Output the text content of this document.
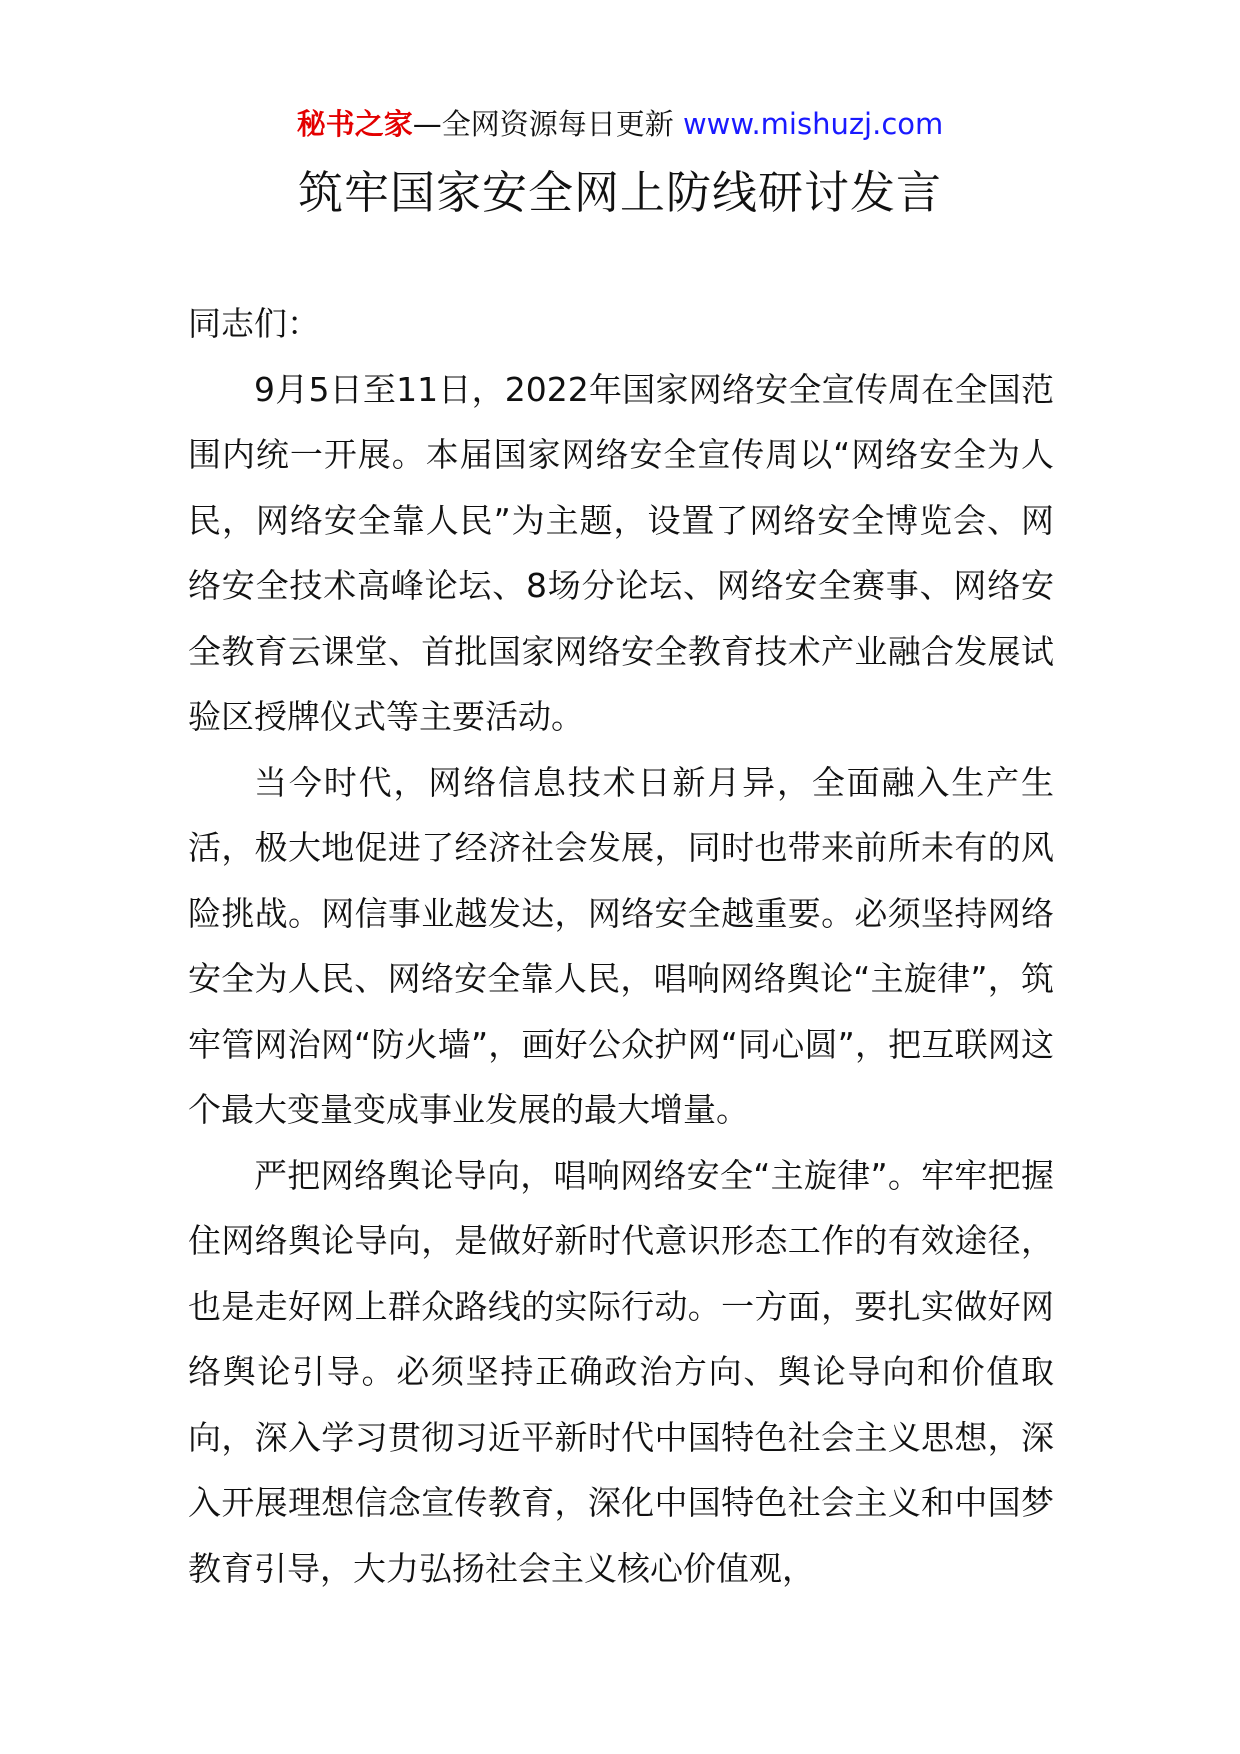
秘书之家—全网资源每日更新 www.mishuzj.com
筑牢国家安全网上防线研讨发言

同志们：

9月5日至11日，2022年国家网络安全宣传周在全国范围内统一开展。本届国家网络安全宣传周以“网络安全为人民，网络安全靠人民”为主题，设置了网络安全博览会、网络安全技术高峰论坛、8场分论坛、网络安全赛事、网络安全教育云课堂、首批国家网络安全教育技术产业融合发展试验区授牌仪式等主要活动。

当今时代，网络信息技术日新月异，全面融入生产生活，极大地促进了经济社会发展，同时也带来前所未有的风险挑战。网信事业越发达，网络安全越重要。必须坚持网络安全为人民、网络安全靠人民，唱响网络舆论“主旋律”，筑牢管网治网“防火墙”，画好公众护网“同心圆”，把互联网这个最大变量变成事业发展的最大增量。

严把网络舆论导向，唱响网络安全“主旋律”。牢牢把握住网络舆论导向，是做好新时代意识形态工作的有效途径，也是走好网上群众路线的实际行动。一方面，要扎实做好网络舆论引导。必须坚持正确政治方向、舆论导向和价值取向，深入学习贯彻习近平新时代中国特色社会主义思想，深入开展理想信念宣传教育，深化中国特色社会主义和中国梦教育引导，大力弘扬社会主义核心价值观，
